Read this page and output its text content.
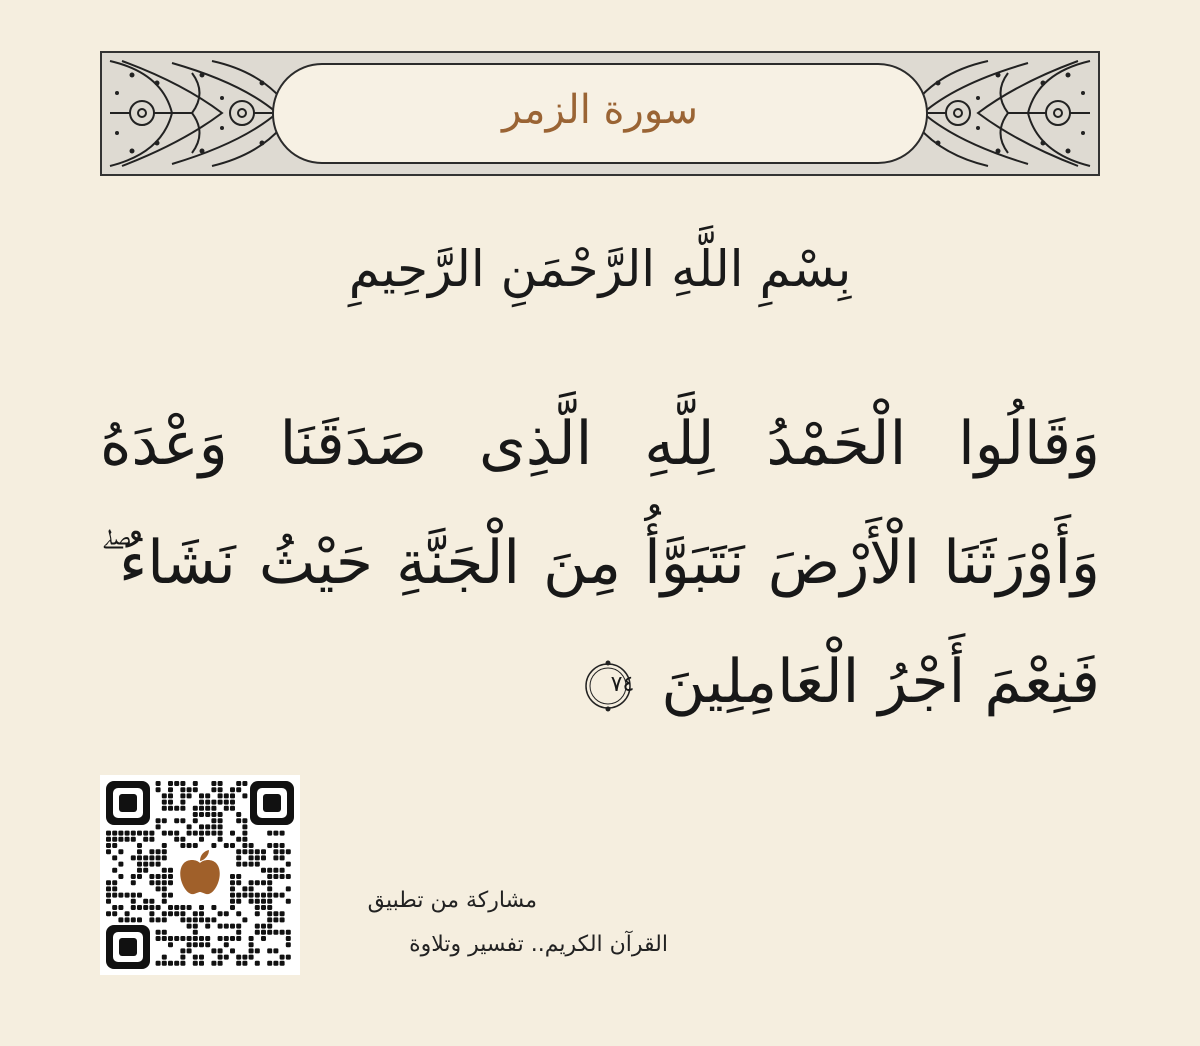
سورة الزمر
بِسْمِ اللَّهِ الرَّحْمَنِ الرَّحِيمِ
وَقَالُوا الْحَمْدُ لِلَّهِ الَّذِى صَدَقَنَا وَعْدَهُ وَأَوْرَثَنَا الْأَرْضَ نَتَبَوَّأُ مِنَ الْجَنَّةِ حَيْثُ نَشَاءُ ۖ فَنِعْمَ أَجْرُ الْعَامِلِينَ
٧٤
مشاركة من تطبيق
القرآن الكريم.. تفسير وتلاوة
